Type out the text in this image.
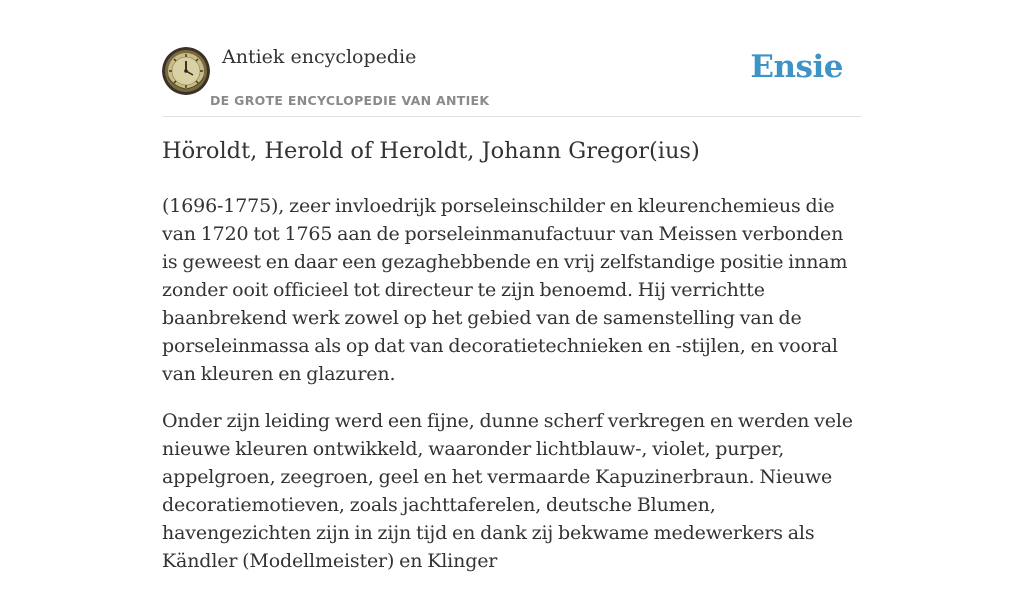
Antiek encyclopedie
DE GROTE ENCYCLOPEDIE VAN ANTIEK
Ensie
Höroldt, Herold of Heroldt, Johann Gregor(ius)

(1696-1775), zeer invloedrijk porseleinschilder en kleurenchemieus die van 1720 tot 1765 aan de porseleinmanufactuur van Meissen verbonden is geweest en daar een gezaghebbende en vrij zelfstandige positie innam zonder ooit officieel tot directeur te zijn benoemd. Hij verrichtte baanbrekend werk zowel op het gebied van de samenstelling van de porseleinmassa als op dat van decoratietechnieken en -stijlen, en vooral van kleuren en glazuren.

Onder zijn leiding werd een fijne, dunne scherf verkregen en werden vele nieuwe kleuren ontwikkeld, waaronder lichtblauw-, violet, purper, appelgroen, zeegroen, geel en het vermaarde Kapuzinerbraun. Nieuwe decoratiemotieven, zoals jachttaferelen, deutsche Blumen, havengezichten zijn in zijn tijd en dank zij bekwame medewerkers als Kändler (Modellmeister) en Klinger
